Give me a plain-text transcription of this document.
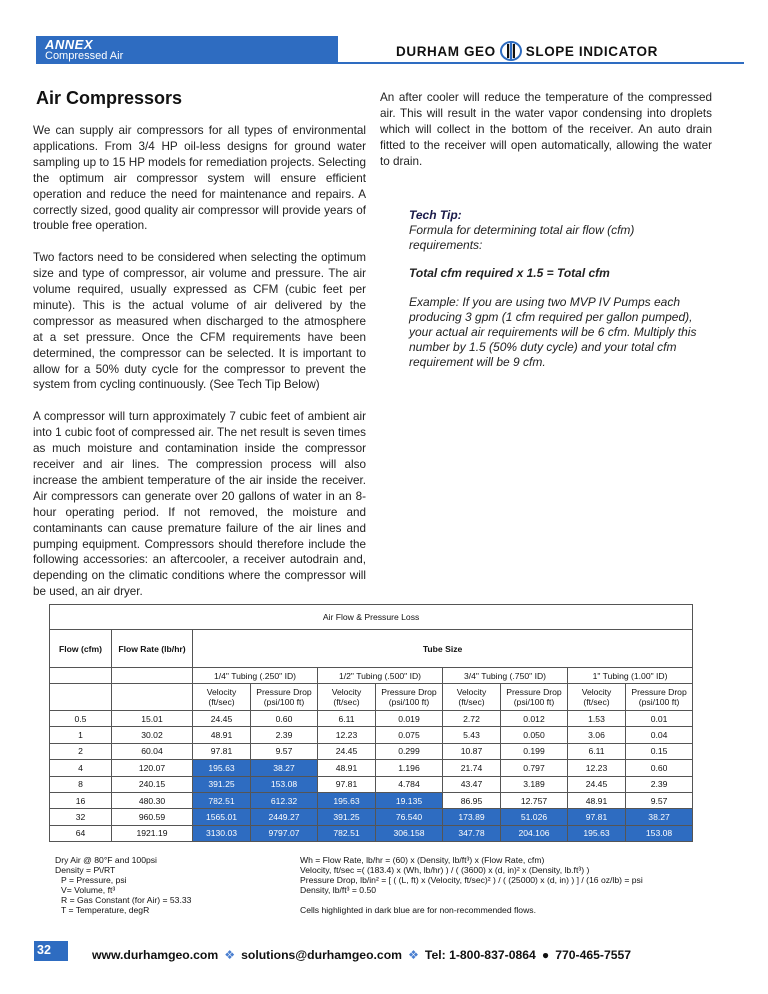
ANNEX
Compressed Air	DURHAM GEO SLOPE INDICATOR
Air Compressors

We can supply air compressors for all types of environmental applications. From 3/4 HP oil-less designs for ground water sampling up to 15 HP models for remediation projects. Selecting the optimum air compressor system will ensure efficient operation and reduce the need for maintenance and repairs. A correctly sized, good quality air compressor will provide years of trouble free operation.

Two factors need to be considered when selecting the optimum size and type of compressor, air volume and pressure. The air volume required, usually expressed as CFM (cubic feet per minute). This is the actual volume of air delivered by the compressor as measured when discharged to the atmosphere at a set pressure. Once the CFM requirements have been determined, the compressor can be selected. It is important to allow for a 50% duty cycle for the compressor to prevent the system from cycling continuously. (See Tech Tip Below)

A compressor will turn approximately 7 cubic feet of ambient air into 1 cubic foot of compressed air. The net result is seven times as much moisture and contamination inside the compressor receiver and air lines. The compression process will also increase the ambient temperature of the air inside the receiver. Air compressors can generate over 20 gallons of water in an 8-hour operating period. If not removed, the moisture and contaminants can cause premature failure of the air lines and pumping equipment. Compressors should therefore include the following accessories: an aftercooler, a receiver autodrain and, depending on the climatic conditions where the compressor will be used, an air dryer.

An after cooler will reduce the temperature of the compressed air. This will result in the water vapor condensing into droplets which will collect in the bottom of the receiver. An auto drain fitted to the receiver will open automatically, allowing the water to drain.

Tech Tip:
Formula for determining total air flow (cfm) requirements:
Total cfm required x 1.5 = Total cfm
Example: If you are using two MVP IV Pumps each producing 3 gpm (1 cfm required per gallon pumped), your actual air requirements will be 6 cfm. Multiply this number by 1.5 (50% duty cycle) and your total cfm requirement will be 9 cfm.
Air Flow & Pressure Loss									
Flow (cfm)	Flow Rate (lb/hr)	Tube Size							
		1/4" Tubing (.250" ID)		1/2" Tubing (.500" ID)		3/4" Tubing (.750" ID)		1" Tubing (1.00" ID)	
		Velocity (ft/sec)	Pressure Drop (psi/100 ft)	Velocity (ft/sec)	Pressure Drop (psi/100 ft)	Velocity (ft/sec)	Pressure Drop (psi/100 ft)	Velocity (ft/sec)	Pressure Drop (psi/100 ft)
0.5	15.01	24.45	0.60	6.11	0.019	2.72	0.012	1.53	0.01
1	30.02	48.91	2.39	12.23	0.075	5.43	0.050	3.06	0.04
2	60.04	97.81	9.57	24.45	0.299	10.87	0.199	6.11	0.15
4	120.07	195.63	38.27	48.91	1.196	21.74	0.797	12.23	0.60
8	240.15	391.25	153.08	97.81	4.784	43.47	3.189	24.45	2.39
16	480.30	782.51	612.32	195.63	19.135	86.95	12.757	48.91	9.57
32	960.59	1565.01	2449.27	391.25	76.540	173.89	51.026	97.81	38.27
64	1921.19	3130.03	9797.07	782.51	306.158	347.78	204.106	195.63	153.08
Dry Air @ 80°F and 100psi
Density = P\/RT
P = Pressure, psi
V= Volume, ft³
R = Gas Constant (for Air) = 53.33
T = Temperature, degR
Wh = Flow Rate, lb/hr = (60) x (Density, lb/ft³) x (Flow Rate, cfm)
Velocity, ft/sec =( (183.4) x (Wh, lb/hr) ) / ( (3600) x (d, in)² x (Density, lb.ft³) )
Pressure Drop, lb/in² = [ ( (L, ft) x (Velocity, ft/sec)² ) / ( (25000) x (d, in) ) ] / (16 oz/lb) = psi
Density, lb/ft³ = 0.50
Cells highlighted in dark blue are for non-recommended flows.
32	www.durhamgeo.com ❖ solutions@durhamgeo.com ❖ Tel: 1-800-837-0864 ● 770-465-7557
